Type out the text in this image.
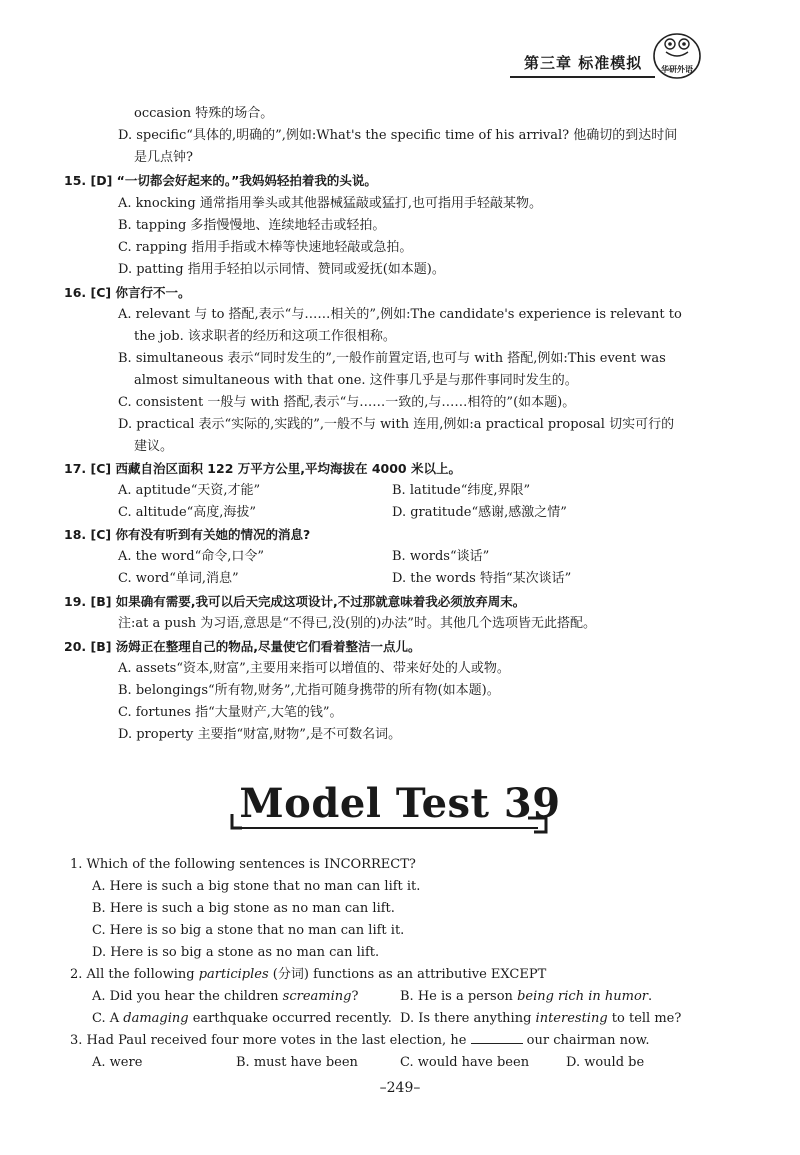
第三章 标准模拟	华研外语
occasion 特殊的场合。
D. specific“具体的,明确的”,例如:What's the specific time of his arrival? 他确切的到达时间
是几点钟?
15. [D] “一切都会好起来的。”我妈妈轻拍着我的头说。
A. knocking 通常指用拳头或其他器械猛敲或猛打,也可指用手轻敲某物。
B. tapping 多指慢慢地、连续地轻击或轻拍。
C. rapping 指用手指或木棒等快速地轻敲或急拍。
D. patting 指用手轻拍以示同情、赞同或爱抚(如本题)。
16. [C] 你言行不一。
A. relevant 与 to 搭配,表示“与……相关的”,例如:The candidate's experience is relevant to
the job. 该求职者的经历和这项工作很相称。
B. simultaneous 表示“同时发生的”,一般作前置定语,也可与 with 搭配,例如:This event was
almost simultaneous with that one. 这件事几乎是与那件事同时发生的。
C. consistent 一般与 with 搭配,表示“与……一致的,与……相符的”(如本题)。
D. practical 表示“实际的,实践的”,一般不与 with 连用,例如:a practical proposal 切实可行的
建议。
17. [C] 西藏自治区面积 122 万平方公里,平均海拔在 4000 米以上。
A. aptitude“天资,才能”	B. latitude“纬度,界限”
C. altitude“高度,海拔”	D. gratitude“感谢,感激之情”
18. [C] 你有没有听到有关她的情况的消息?
A. the word“命令,口令”	B. words“谈话”
C. word“单词,消息”	D. the words 特指“某次谈话”
19. [B] 如果确有需要,我可以后天完成这项设计,不过那就意味着我必须放弃周末。
注:at a push 为习语,意思是“不得已,没(别的)办法”时。其他几个选项皆无此搭配。
20. [B] 汤姆正在整理自己的物品,尽量使它们看着整洁一点儿。
A. assets“资本,财富”,主要用来指可以增值的、带来好处的人或物。
B. belongings“所有物,财务”,尤指可随身携带的所有物(如本题)。
C. fortunes 指“大量财产,大笔的钱”。
D. property 主要指“财富,财物”,是不可数名词。
Model Test 39
1. Which of the following sentences is INCORRECT?
A. Here is such a big stone that no man can lift it.
B. Here is such a big stone as no man can lift.
C. Here is so big a stone that no man can lift it.
D. Here is so big a stone as no man can lift.
2. All the following participles (分词) functions as an attributive EXCEPT
A. Did you hear the children screaming?	B. He is a person being rich in humor.
C. A damaging earthquake occurred recently. D. Is there anything interesting to tell me?
3. Had Paul received four more votes in the last election, he	our chairman now.
A. were	B. must have been	C. would have been	D. would be
–249–
